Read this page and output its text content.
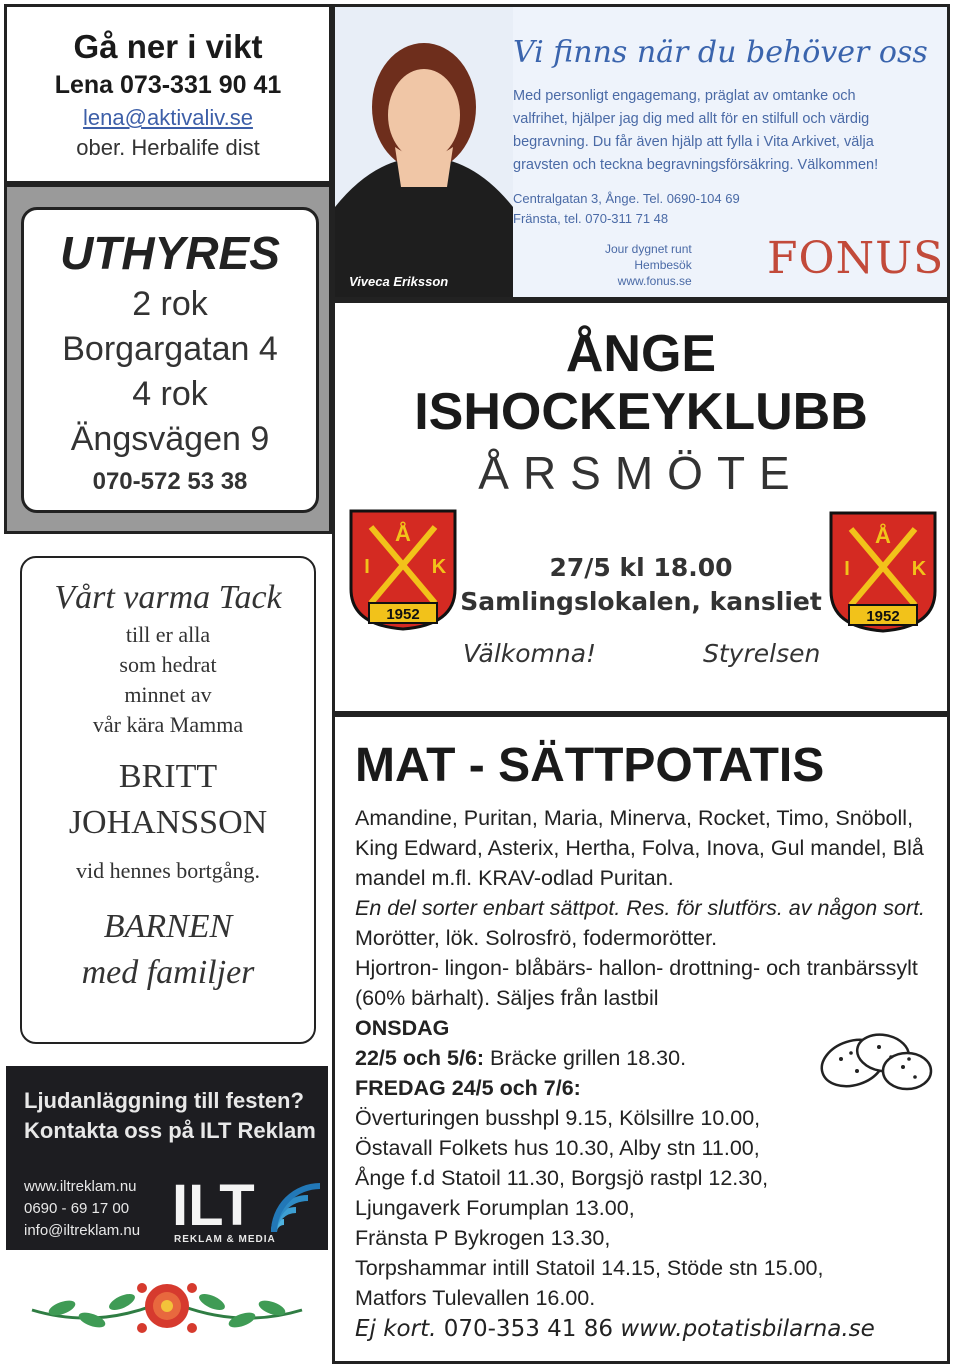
Gå ner i vikt
Lena 073-331 90 41
lena@aktivaliv.se
ober. Herbalife dist
UTHYRES
2 rok
Borgargatan 4
4 rok
Ängsvägen 9
070-572 53 38
Vårt varma Tack
till er alla
som hedrat
minnet av
vår kära Mamma
BRITT
JOHANSSON
vid hennes bortgång.
BARNEN
med familjer
Ljudanläggning till festen?
Kontakta oss på ILT Reklam
www.iltreklam.nu
0690 - 69 17 00
info@iltreklam.nu ILT
REKLAM & MEDIA
Viveca Eriksson
Vi finns när du behöver oss
Med personligt engagemang, präglat av omtanke och
valfrihet, hjälper jag dig med allt för en stilfull och värdig
begravning. Du får även hjälp att fylla i Vita Arkivet, välja
gravsten och teckna begravningsförsäkring. Välkommen!
Centralgatan 3, Ånge. Tel. 0690-104 69
Fränsta, tel. 070-311 71 48
Jour dygnet runt
Hembesök
www.fonus.se FONUS
ÅNGE
ISHOCKEYKLUBB
ÅRSMÖTE
27/5 kl 18.00
Samlingslokalen, kansliet
Välkomna!	Styrelsen
Å
I	K
1952
Å
I	K
1952
MAT - SÄTTPOTATIS
Amandine, Puritan, Maria, Minerva, Rocket, Timo, Snöboll, King Edward, Asterix, Hertha, Folva, Inova, Gul mandel, Blå mandel m.fl. KRAV-odlad Puritan.
En del sorter enbart sättpot. Res. för slutförs. av någon sort. Morötter, lök. Solrosfrö, fodermorötter.
Hjortron- lingon- blåbärs- hallon- drottning- och tranbärssylt (60% bärhalt). Säljes från lastbil
ONSDAG
22/5 och 5/6: Bräcke grillen 18.30.
FREDAG 24/5 och 7/6:
Överturingen busshpl 9.15, Kölsillre 10.00,
Östavall Folkets hus 10.30, Alby stn 11.00,
Ånge f.d Statoil 11.30, Borgsjö rastpl 12.30,
Ljungaverk Forumplan 13.00,
Fränsta P Bykrogen 13.30,
Torpshammar intill Statoil 14.15, Stöde stn 15.00,
Matfors Tulevallen 16.00.
Ej kort. 070-353 41 86 www.potatisbilarna.se
